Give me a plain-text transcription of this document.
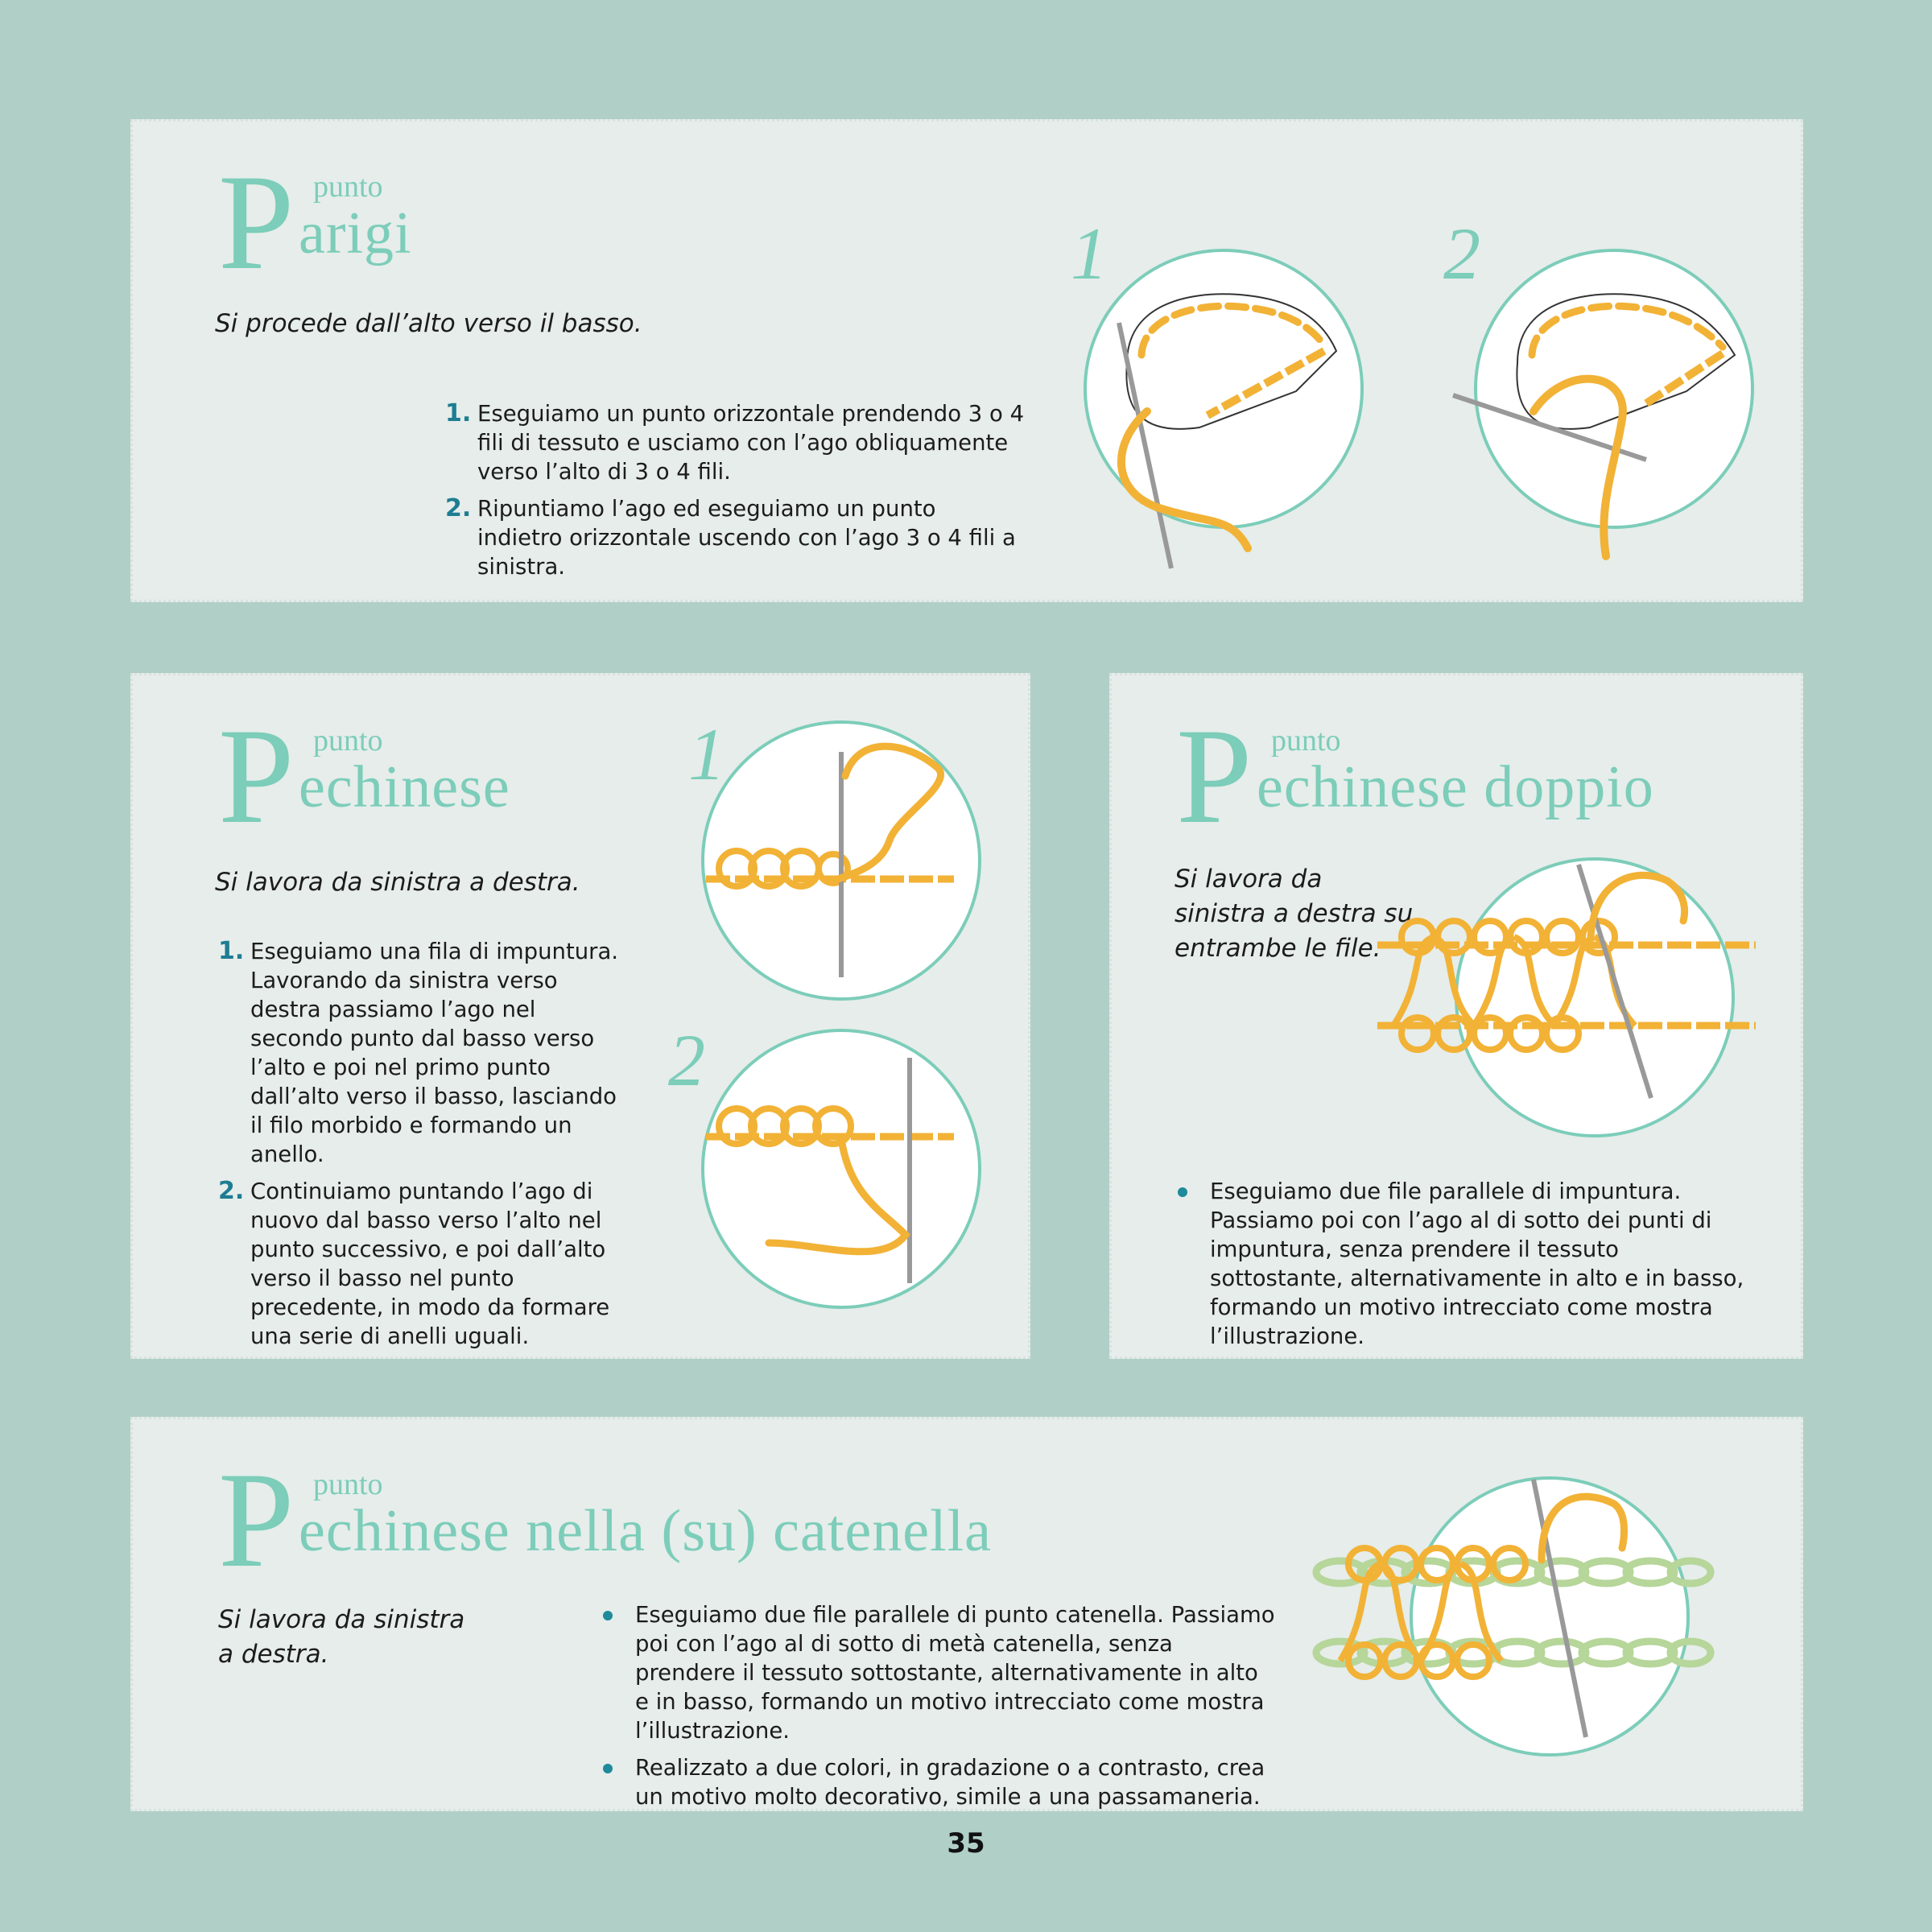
P punto
arigi
Si procede dall’alto verso il basso.
1. Eseguiamo un punto orizzontale prendendo 3 o 4 fili di tessuto e usciamo con l’ago obliquamente verso l’alto di 3 o 4 fili.
2. Ripuntiamo l’ago ed eseguiamo un punto indietro orizzontale uscendo con l’ago 3 o 4 fili a sinistra.
1	2
P punto
echinese
Si lavora da sinistra a destra.
1. Eseguiamo una fila di impuntura. Lavorando da sinistra verso destra passiamo l’ago nel secondo punto dal basso verso l’alto e poi nel primo punto dall’alto verso il basso, lasciando il filo morbido e formando un anello.
2. Continuiamo puntando l’ago di nuovo dal basso verso l’alto nel punto successivo, e poi dall’alto verso il basso nel punto precedente, in modo da formare una serie di anelli uguali.
1
2
P punto
echinese doppio
Si lavora da sinistra a destra su entrambe le file.
Eseguiamo due file parallele di impuntura. Passiamo poi con l’ago al di sotto dei punti di impuntura, senza prendere il tessuto sottostante, alternativamente in alto e in basso, formando un motivo intrecciato come mostra l’illustrazione.
P punto
echinese nella (su) catenella
Si lavora da sinistra a destra.
Eseguiamo due file parallele di punto catenella. Passiamo poi con l’ago al di sotto di metà catenella, senza prendere il tessuto sottostante, alternativamente in alto e in basso, formando un motivo intrecciato come mostra l’illustrazione.
Realizzato a due colori, in gradazione o a contrasto, crea un motivo molto decorativo, simile a una passamaneria.
35
